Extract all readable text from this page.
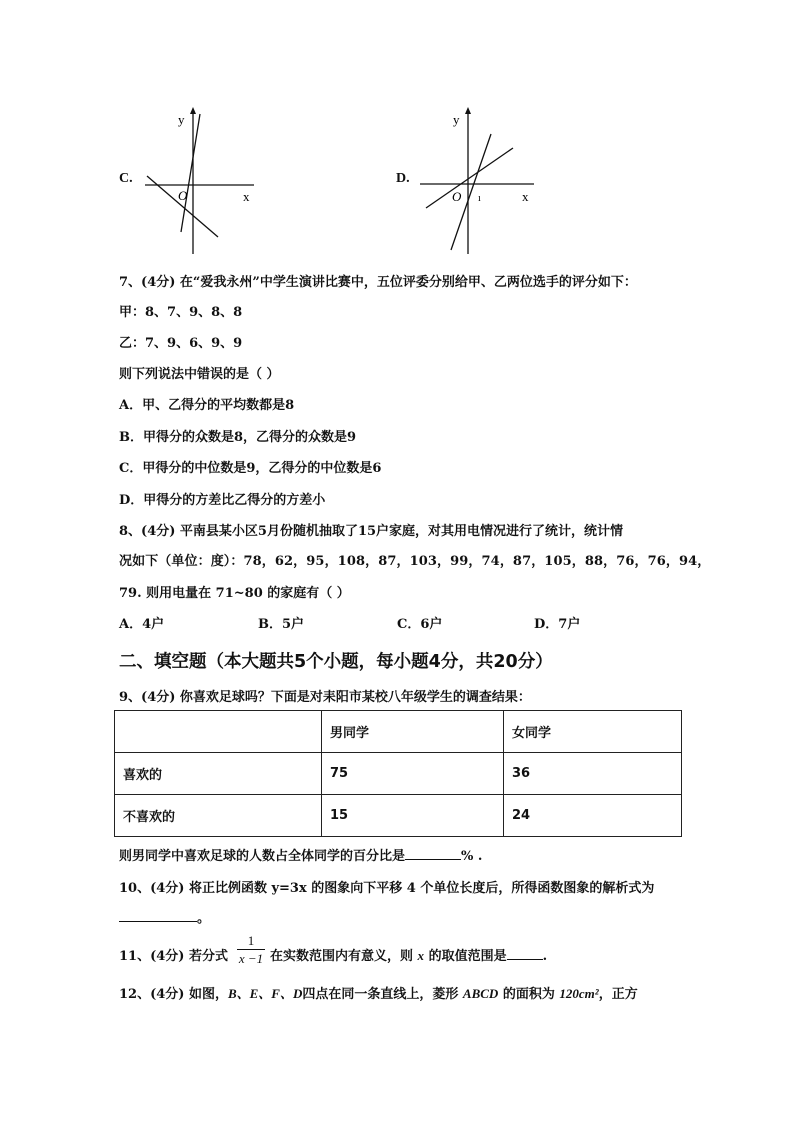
C.
y
x
O
D.
y
x
O ı
7、(4分) 在“爱我永州”中学生演讲比赛中，五位评委分别给甲、乙两位选手的评分如下：
甲：8、7、9、8、8
乙：7、9、6、9、9
则下列说法中错误的是（ ）
A．甲、乙得分的平均数都是8
B．甲得分的众数是8，乙得分的众数是9
C．甲得分的中位数是9，乙得分的中位数是6
D．甲得分的方差比乙得分的方差小
8、(4分) 平南县某小区5月份随机抽取了15户家庭，对其用电情况进行了统计，统计情
况如下（单位：度）：78，62，95，108，87，103，99，74，87，105，88，76，76，94，
79. 则用电量在 71~80 的家庭有（ ）
A．4户	B．5户	C．6户	D．7户
二、填空题（本大题共5个小题，每小题4分，共20分）
9、(4分) 你喜欢足球吗？下面是对耒阳市某校八年级学生的调查结果：
	男同学	女同学
喜欢的	75	36
不喜欢的	15	24
则男同学中喜欢足球的人数占全体同学的百分比是	% .
10、(4分) 将正比例函数 y=3x 的图象向下平移 4 个单位长度后，所得函数图象的解析式为
。
11、(4分) 若分式
1
x −1 在实数范围内有意义，则 x 的取值范围是	.
12、(4分) 如图，B、E、F、D四点在同一条直线上，菱形 ABCD 的面积为 120cm²，正方
